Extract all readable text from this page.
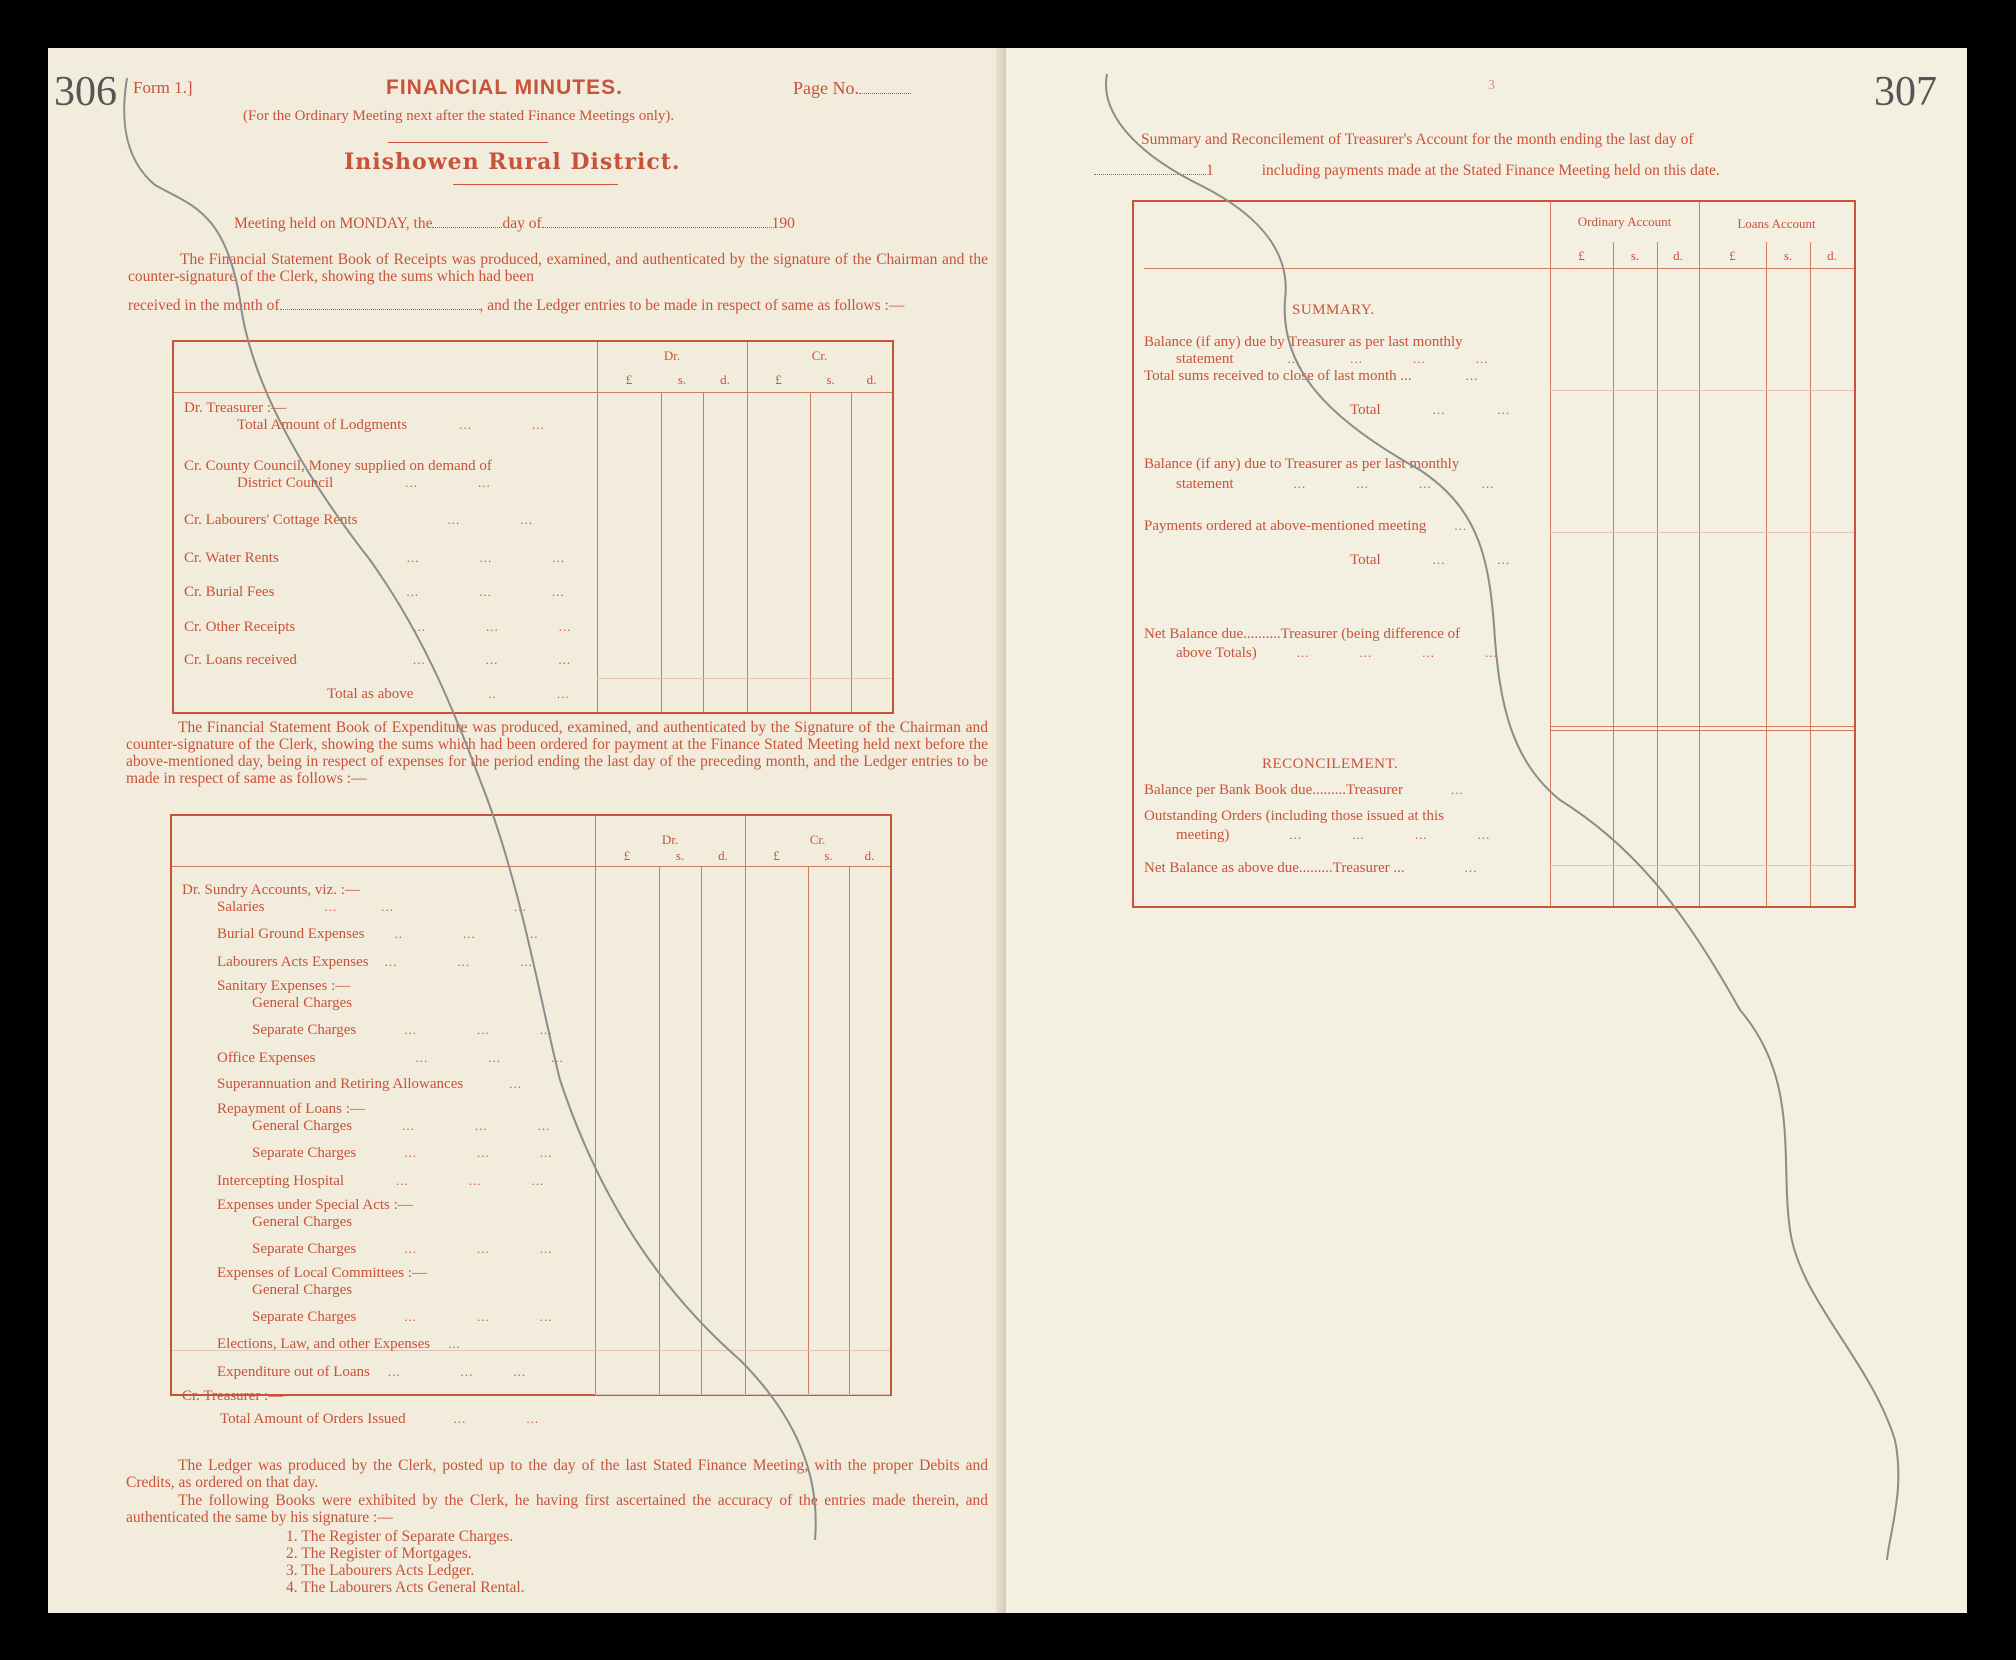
306 Form 1.]	FINANCIAL MINUTES.	Page No.
(For the Ordinary Meeting next after the stated Finance Meetings only).
Inishowen Rural District.
Meeting held on MONDAY, the	day of	190
The Financial Statement Book of Receipts was produced, examined, and authenticated by the signature of the Chairman and the counter-signature of the Clerk, showing the sums which had been
received in the month of	, and the Ledger entries to be made in respect of same as follows :—
Dr.	Cr.
£	s.	d.	£	s.	d.
Dr. Treasurer :—
Total Amount of Lodgments	...	...
Cr. County Council, Money supplied on demand of
District Council	...	...
Cr. Labourers' Cottage Rents	...	...
Cr. Water Rents	...	...	...
Cr. Burial Fees	...	...	...
Cr. Other Receipts	...	...	...
Cr. Loans received	...	...	...
Total as above	..	...
The Financial Statement Book of Expenditure was produced, examined, and authenticated by the Signature of the Chairman and counter-signature of the Clerk, showing the sums which had been ordered for payment at the Finance Stated Meeting held next before the above-mentioned day, being in respect of expenses for the period ending the last day of the preceding month, and the Ledger entries to be made in respect of same as follows :—
Dr.	Cr.
£	s.	d.	£	s.	d.
Dr. Sundry Accounts, viz. :—
Salaries	...	...	...
Burial Ground Expenses ..	...	...
Labourers Acts Expenses ...	...	...
Sanitary Expenses :—
General Charges
Separate Charges	...	...	...
Office Expenses	...	...	...
Superannuation and Retiring Allowances	...
Repayment of Loans :—
General Charges	...	...	...
Separate Charges	...	...	...
Intercepting Hospital	...	...	...
Expenses under Special Acts :—
General Charges
Separate Charges	...	...	...
Expenses of Local Committees :—
General Charges
Separate Charges	...	...	...
Elections, Law, and other Expenses ...
Expenditure out of Loans ...	...	...
Cr. Treasurer :—
Total Amount of Orders Issued	...	...
The Ledger was produced by the Clerk, posted up to the day of the last Stated Finance Meeting, with the proper Debits and Credits, as ordered on that day.
The following Books were exhibited by the Clerk, he having first ascertained the accuracy of the entries made therein, and authenticated the same by his signature :—
1. The Register of Separate Charges.
2. The Register of Mortgages.
3. The Labourers Acts Ledger.
4. The Labourers Acts General Rental.
307
3
Summary and Reconcilement of Treasurer's Account for the month ending the last day of
1	including payments made at the Stated Finance Meeting held on this date.
Ordinary Account	Loans Account
£	s.	d.	£	s.	d.
SUMMARY.
Balance (if any) due by Treasurer as per last monthly
statement	...	...	...	...
Total sums received to close of last month ...	...
Total	...	...
Balance (if any) due to Treasurer as per last monthly
statement	...	...	...	...
Payments ordered at above-mentioned meeting ...
Total	...	...
Net Balance due..........Treasurer (being difference of
above Totals)	...	...	...	...
RECONCILEMENT.
Balance per Bank Book due.........Treasurer	...
Outstanding Orders (including those issued at this
meeting)	...	...	...	...
Net Balance as above due.........Treasurer ...	...
